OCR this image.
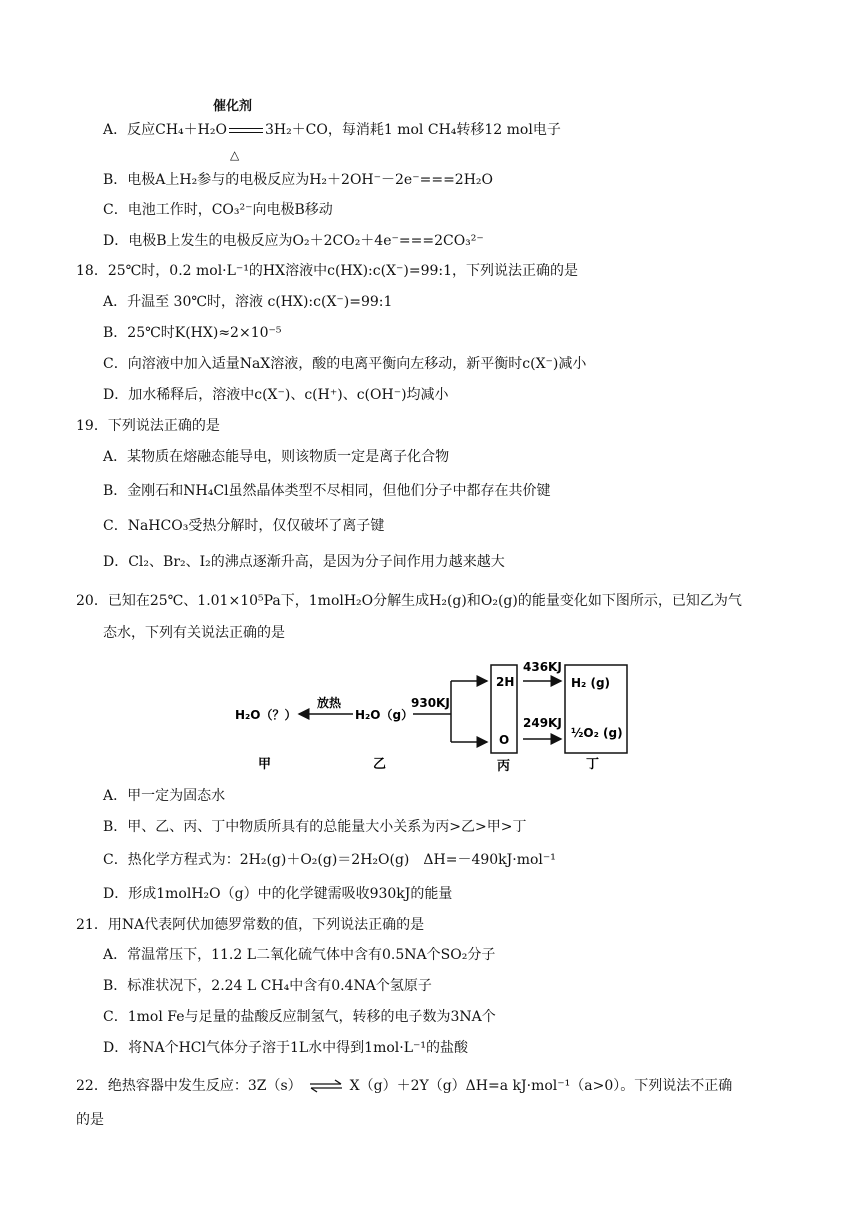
催化剂
A．反应CH₄＋H₂O	3H₂＋CO，每消耗1 mol CH₄转移12 mol电子
△
B．电极A上H₂参与的电极反应为H₂＋2OH⁻－2e⁻===2H₂O
C．电池工作时，CO₃²⁻向电极B移动
D．电极B上发生的电极反应为O₂＋2CO₂＋4e⁻===2CO₃²⁻
18．25℃时，0.2 mol·L⁻¹的HX溶液中c(HX):c(X⁻)=99:1，下列说法正确的是
A．升温至 30℃时，溶液 c(HX):c(X⁻)=99:1
B．25℃时K(HX)≈2×10⁻⁵
C．向溶液中加入适量NaX溶液，酸的电离平衡向左移动，新平衡时c(X⁻)减小
D．加水稀释后，溶液中c(X⁻)、c(H⁺)、c(OH⁻)均减小
19．下列说法正确的是
A．某物质在熔融态能导电，则该物质一定是离子化合物
B．金刚石和NH₄Cl虽然晶体类型不尽相同，但他们分子中都存在共价键
C．NaHCO₃受热分解时，仅仅破坏了离子键
D．Cl₂、Br₂、I₂的沸点逐渐升高，是因为分子间作用力越来越大
20．已知在25℃、1.01×10⁵Pa下，1molH₂O分解生成H₂(g)和O₂(g)的能量变化如下图所示，已知乙为气
态水，下列有关说法正确的是
H₂O（？）
放热
H₂O（g）
930KJ
2H
O
436KJ
249KJ
H₂ (g)
½O₂ (g)
甲	乙	丙	丁
A．甲一定为固态水
B．甲、乙、丙、丁中物质所具有的总能量大小关系为丙>乙>甲>丁
C．热化学方程式为：2H₂(g)＋O₂(g)＝2H₂O(g)　ΔH=－490kJ·mol⁻¹
D．形成1molH₂O（g）中的化学键需吸收930kJ的能量
21．用NA代表阿伏加德罗常数的值，下列说法正确的是
A．常温常压下，11.2 L二氧化硫气体中含有0.5NA个SO₂分子
B．标准状况下，2.24 L CH₄中含有0.4NA个氢原子
C．1mol Fe与足量的盐酸反应制氢气，转移的电子数为3NA个
D．将NA个HCl气体分子溶于1L水中得到1mol·L⁻¹的盐酸
22．绝热容器中发生反应：3Z（s） ⇌ X（g）＋2Y（g）ΔH=a kJ·mol⁻¹（a>0）。下列说法不正确
的是
